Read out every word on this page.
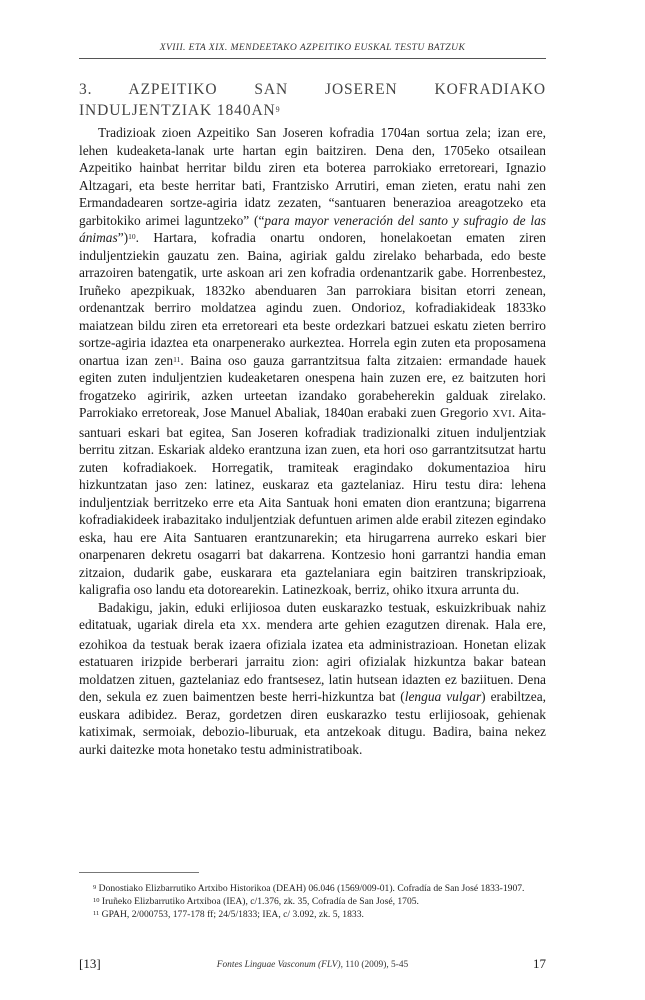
XVIII. ETA XIX. MENDEETAKO AZPEITIKO EUSKAL TESTU BATZUK
3. AZPEITIKO SAN JOSEREN KOFRADIAKO INDULJENTZIAK $1840AN^9$

Tradizioak zioen Azpeitiko San Joseren kofradia 1704an sortua zela; izan ere, lehen kudeaketa-lanak urte hartan egin baitziren. Dena den, 1705eko otsailean Azpeitiko hainbat herritar bildu ziren eta boterea parrokiako erretoreari, Ignazio Altzagari, eta beste herritar bati, Frantzisko Arrutiri, eman zieten, eratu nahi zen Ermandadearen sortze-agiria idatz zezaten, “santuaren benerazioa areagotzeko eta garbitokiko arimei laguntzeko” (“para mayor veneración del santo y sufragio de las ánimas”)$^{10}$. Hartara, kofradia onartu ondoren, honelakoetan ematen ziren induljentziekin gauzatu zen. Baina, agiriak galdu zirelako beharbada, edo beste arrazoiren batengatik, urte askoan ari zen kofradia ordenantzarik gabe. Horrenbestez, Iruñeko apezpikuak, 1832ko abenduaren 3an parrokiara bisitan etorri zenean, ordenantzak berriro moldatzea agindu zuen. Ondorioz, kofradiakideak 1833ko maiatzean bildu ziren eta erretoreari eta beste ordezkari batzuei eskatu zieten berriro sortze-agiria idaztea eta onarpenerako aurkeztea. Horrela egin zuten eta proposamena onartua izan zen$^{11}$. Baina oso gauza garrantzitsua falta zitzaien: ermandade hauek egiten zuten induljentzien kudeaketaren onespena hain zuzen ere, ez baitzuten hori frogatzeko agiririk, azken urteetan izandako gorabeherekin galduak zirelako. Parrokiako erretoreak, Jose Manuel Abaliak, 1840an erabaki zuen Gregorio XVI. Aita-santuari eskari bat egitea, San Joseren kofradiak tradizionalki zituen induljentziak berritu zitzan. Eskariak aldeko erantzuna izan zuen, eta hori oso garrantzitsutzat hartu zuten kofradiakoek. Horregatik, tramiteak eragindako dokumentazioa hiru hizkuntzatan jaso zen: latinez, euskaraz eta gaztelaniaz. Hiru testu dira: lehena induljentziak berritzeko erre eta Aita Santuak honi ematen dion erantzuna; bigarrena kofradiakideek irabazitako induljentziak defuntuen arimen alde erabil zitezen egindako eska, hau ere Aita Santuaren erantzunarekin; eta hirugarrena aurreko eskari bier onarpenaren dekretu osagarri bat dakarrena. Kontzesio honi garrantzi handia eman zitzaion, dudarik gabe, euskarara eta gaztelaniara egin baitziren transkripzioak, kaligrafia oso landu eta dotorearekin. Latinezkoak, berriz, ohiko itxura arrunta du.

Badakigu, jakin, eduki erlijiosoa duten euskarazko testuak, eskuizkribuak nahiz editatuak, ugariak direla eta XX. mendera arte gehien ezagutzen direnak. Hala ere, ezohikoa da testuak berak izaera ofiziala izatea eta administrazioan. Honetan elizak estatuaren irizpide berberari jarraitu zion: agiri ofizialak hizkuntza bakar batean moldatzen zituen, gaztelaniaz edo frantsesez, latin hutsean idazten ez baziituen. Dena den, sekula ez zuen baimentzen beste herri-hizkuntza bat (lengua vulgar) erabiltzea, euskara adibidez. Beraz, gordetzen diren euskarazko testu erlijiosoak, gehienak katiximak, sermoiak, debozio-liburuak, eta antzekoak ditugu. Badira, baina nekez aurki daitezke mota honetako testu administratiboak.

$^9$ Donostiako Elizbarrutiko Artxibo Historikoa (DEAH) 06.046 (1569/009-01). Cofradía de San José 1833-1907.

$^{10}$ Iruñeko Elizbarrutiko Artxiboa (IEA), c/1.376, zk. 35, Cofradía de San José, 1705.

$^{11}$ GPAH, 2/000753, 177-178 ff; 24/5/1833; IEA, c/ 3.092, zk. 5, 1833.

[13]	Fontes Linguae Vasconum (FLV), 110 (2009), 5-45	17
